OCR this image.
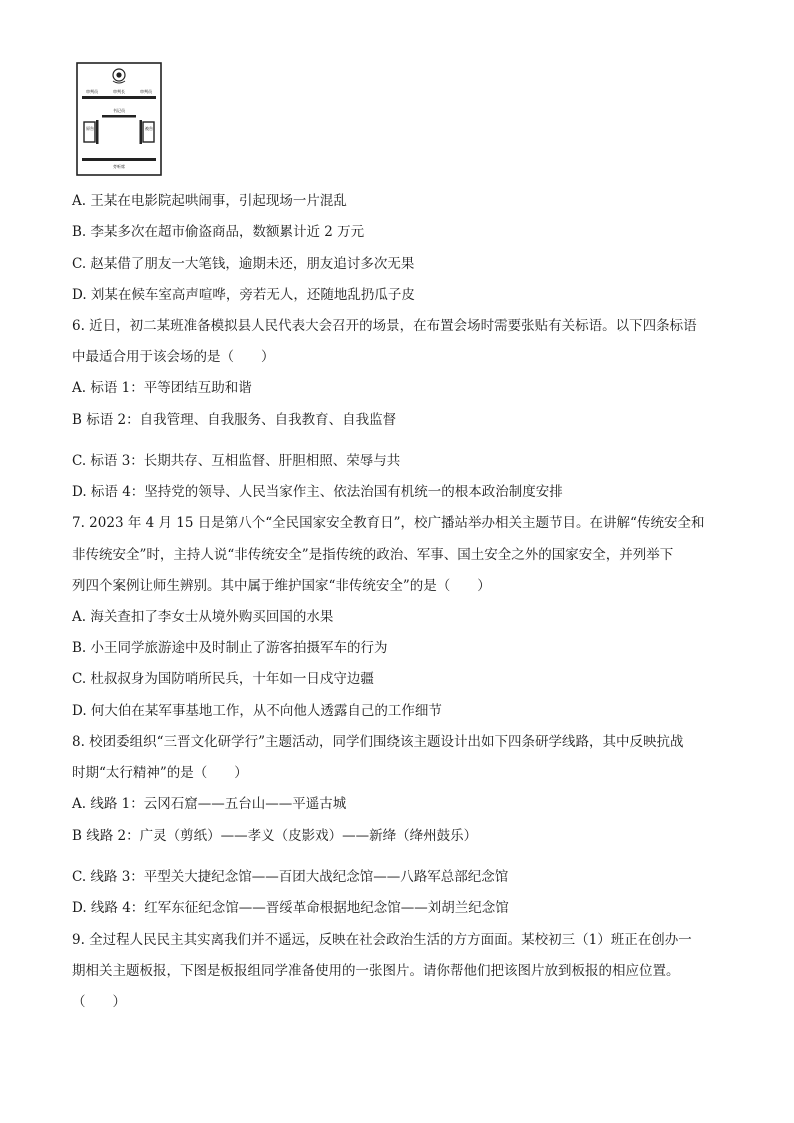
审判员	审判长	审判员
书记员
原告	被告
旁听席
A. 王某在电影院起哄闹事，引起现场一片混乱
B. 李某多次在超市偷盗商品，数额累计近 2 万元
C. 赵某借了朋友一大笔钱，逾期未还，朋友追讨多次无果
D. 刘某在候车室高声喧哗，旁若无人，还随地乱扔瓜子皮
6. 近日，初二某班准备模拟县人民代表大会召开的场景，在布置会场时需要张贴有关标语。以下四条标语
中最适合用于该会场的是（　　）
A. 标语 1：平等团结互助和谐
B 标语 2：自我管理、自我服务、自我教育、自我监督
C. 标语 3：长期共存、互相监督、肝胆相照、荣辱与共
D. 标语 4：坚持党的领导、人民当家作主、依法治国有机统一的根本政治制度安排
7. 2023 年 4 月 15 日是第八个“全民国家安全教育日”，校广播站举办相关主题节目。在讲解“传统安全和
非传统安全”时，主持人说“非传统安全”是指传统的政治、军事、国土安全之外的国家安全，并列举下
列四个案例让师生辨别。其中属于维护国家“非传统安全”的是（　　）
A. 海关查扣了李女士从境外购买回国的水果
B. 小王同学旅游途中及时制止了游客拍摄军车的行为
C. 杜叔叔身为国防哨所民兵，十年如一日戍守边疆
D. 何大伯在某军事基地工作，从不向他人透露自己的工作细节
8. 校团委组织“三晋文化研学行”主题活动，同学们围绕该主题设计出如下四条研学线路，其中反映抗战
时期“太行精神”的是（　　）
A. 线路 1：云冈石窟——五台山——平遥古城
B 线路 2：广灵（剪纸）——孝义（皮影戏）——新绛（绛州鼓乐）
C. 线路 3：平型关大捷纪念馆——百团大战纪念馆——八路军总部纪念馆
D. 线路 4：红军东征纪念馆——晋绥革命根据地纪念馆——刘胡兰纪念馆
9. 全过程人民民主其实离我们并不遥远，反映在社会政治生活的方方面面。某校初三（1）班正在创办一
期相关主题板报，下图是板报组同学准备使用的一张图片。请你帮他们把该图片放到板报的相应位置。
（　　）
